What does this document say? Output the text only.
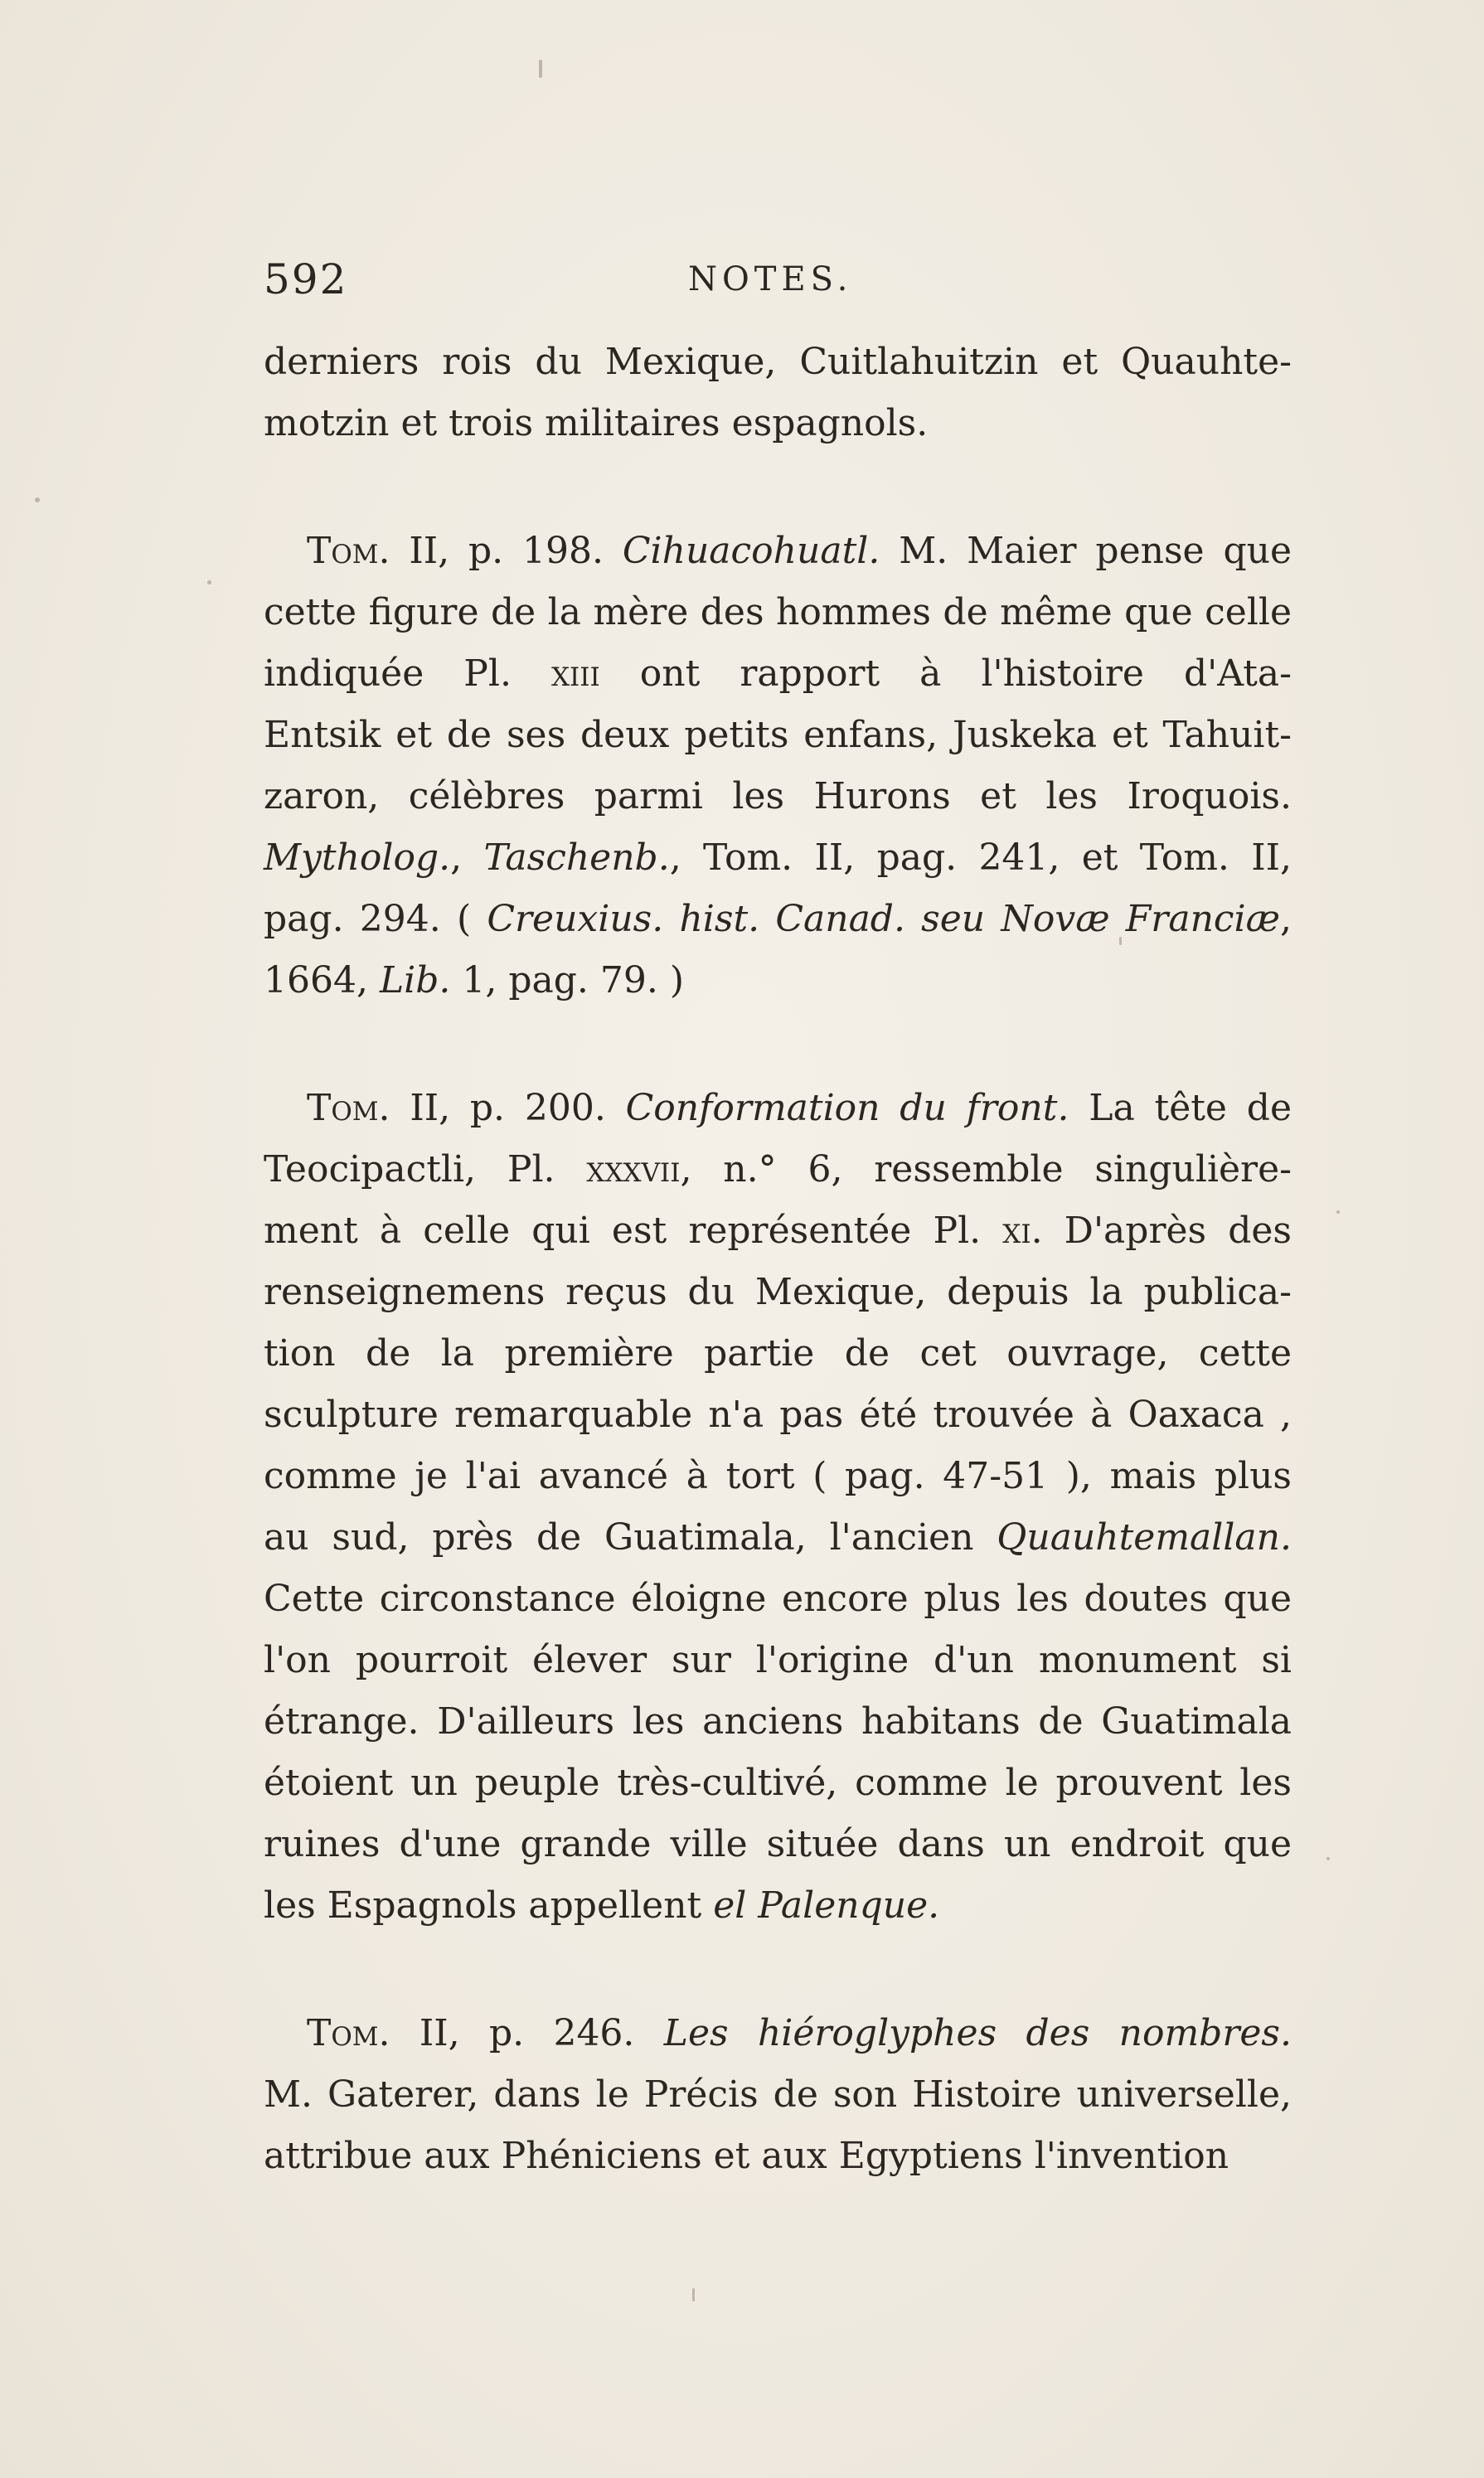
592	NOTES.
derniers rois du Mexique, Cuitlahuitzin et Quauhte-
motzin et trois militaires espagnols.
Tom. II, p. 198. Cihuacohuatl. M. Maier pense que
cette figure de la mère des hommes de même que celle
indiquée Pl. xiii ont rapport à l'histoire d'Ata-
Entsik et de ses deux petits enfans, Juskeka et Tahuit-
zaron, célèbres parmi les Hurons et les Iroquois.
Mytholog., Taschenb., Tom. II, pag. 241, et Tom. II,
pag. 294. ( Creuxius. hist. Canad. seu Novæ Franciæ,
1664, Lib. 1, pag. 79. )
Tom. II, p. 200. Conformation du front. La tête de
Teocipactli, Pl. xxxvii, n.° 6, ressemble singulière-
ment à celle qui est représentée Pl. xi. D'après des
renseignemens reçus du Mexique, depuis la publica-
tion de la première partie de cet ouvrage, cette
sculpture remarquable n'a pas été trouvée à Oaxaca ,
comme je l'ai avancé à tort ( pag. 47-51 ), mais plus
au sud, près de Guatimala, l'ancien Quauhtemallan.
Cette circonstance éloigne encore plus les doutes que
l'on pourroit élever sur l'origine d'un monument si
étrange. D'ailleurs les anciens habitans de Guatimala
étoient un peuple très-cultivé, comme le prouvent les
ruines d'une grande ville située dans un endroit que
les Espagnols appellent el Palenque.
Tom. II, p. 246. Les hiéroglyphes des nombres.
M. Gaterer, dans le Précis de son Histoire universelle,
attribue aux Phéniciens et aux Egyptiens l'invention
